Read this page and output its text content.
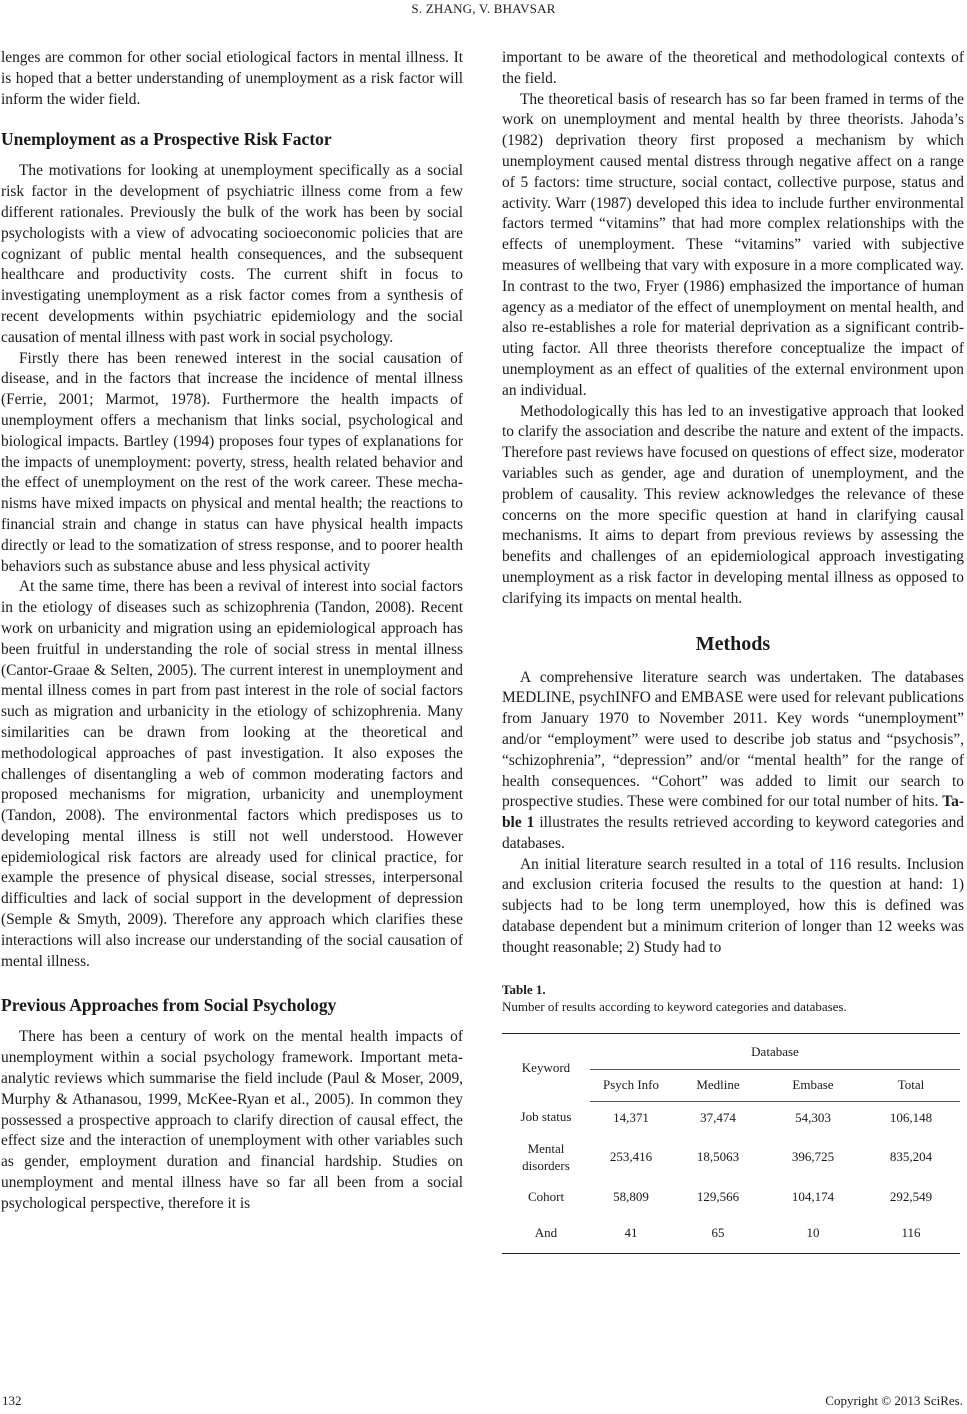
S. ZHANG, V. BHAVSAR

lenges are common for other social etiological factors in mental illness. It is hoped that a better understanding of unemployment as a risk factor will inform the wider field.

Unemployment as a Prospective Risk Factor

The motivations for looking at unemployment specifically as a social risk factor in the development of psychiatric illness come from a few different rationales. Previously the bulk of the work has been by social psychologists with a view of advocating socioeconomic policies that are cognizant of public mental health consequences, and the subsequent healthcare and productivity costs. The current shift in focus to investigating unemployment as a risk factor comes from a synthesis of recent developments within psychiatric epidemiology and the social causation of mental illness with past work in social psychology.

Firstly there has been renewed interest in the social causation of disease, and in the factors that increase the incidence of mental illness (Ferrie, 2001; Marmot, 1978). Furthermore the health impacts of unemployment offers a mechanism that links social, psychological and biological impacts. Bartley (1994) proposes four types of explanations for the impacts of unemployment: poverty, stress, health related behavior and the effect of unemployment on the rest of the work career. These mechanisms have mixed impacts on physical and mental health; the reactions to financial strain and change in status can have physical health impacts directly or lead to the somatization of stress response, and to poorer health behaviors such as substance abuse and less physical activity

At the same time, there has been a revival of interest into social factors in the etiology of diseases such as schizophrenia (Tandon, 2008). Recent work on urbanicity and migration using an epidemiological approach has been fruitful in understanding the role of social stress in mental illness (Cantor-Graae & Selten, 2005). The current interest in unemployment and mental illness comes in part from past interest in the role of social factors such as migration and urbanicity in the etiology of schizophrenia. Many similarities can be drawn from looking at the theoretical and methodological approaches of past investigation. It also exposes the challenges of disentangling a web of common moderating factors and proposed mechanisms for migration, urbanicity and unemployment (Tandon, 2008). The environmental factors which predisposes us to developing mental illness is still not well understood. However epidemiological risk factors are already used for clinical practice, for example the presence of physical disease, social stresses, interpersonal difficulties and lack of social support in the development of depression (Semple & Smyth, 2009). Therefore any approach which clarifies these interactions will also increase our understanding of the social causation of mental illness.

Previous Approaches from Social Psychology

There has been a century of work on the mental health impacts of unemployment within a social psychology framework. Important meta-analytic reviews which summarise the field include (Paul & Moser, 2009, Murphy & Athanasou, 1999, McKee-Ryan et al., 2005). In common they possessed a prospective approach to clarify direction of causal effect, the effect size and the interaction of unemployment with other variables such as gender, employment duration and financial hardship. Studies on unemployment and mental illness have so far all been from a social psychological perspective, therefore it is

important to be aware of the theoretical and methodological contexts of the field.

The theoretical basis of research has so far been framed in terms of the work on unemployment and mental health by three theorists. Jahoda’s (1982) deprivation theory first proposed a mechanism by which unemployment caused mental distress through negative affect on a range of 5 factors: time structure, social contact, collective purpose, status and activity. Warr (1987) developed this idea to include further environmental factors termed “vitamins” that had more complex relationships with the effects of unemployment. These “vitamins” varied with subjective measures of wellbeing that vary with exposure in a more complicated way. In contrast to the two, Fryer (1986) emphasized the importance of human agency as a mediator of the effect of unemployment on mental health, and also re-establishes a role for material deprivation as a significant contributing factor. All three theorists therefore conceptualize the impact of unemployment as an effect of qualities of the external environment upon an individual.

Methodologically this has led to an investigative approach that looked to clarify the association and describe the nature and extent of the impacts. Therefore past reviews have focused on questions of effect size, moderator variables such as gender, age and duration of unemployment, and the problem of causality. This review acknowledges the relevance of these concerns on the more specific question at hand in clarifying causal mechanisms. It aims to depart from previous reviews by assessing the benefits and challenges of an epidemiological approach investigating unemployment as a risk factor in developing mental illness as opposed to clarifying its impacts on mental health.

Methods

A comprehensive literature search was undertaken. The databases MEDLINE, psychINFO and EMBASE were used for relevant publications from January 1970 to November 2011. Key words “unemployment” and/or “employment” were used to describe job status and “psychosis”, “schizophrenia”, “depression” and/or “mental health” for the range of health consequences. “Cohort” was added to limit our search to prospective studies. These were combined for our total number of hits. Table 1 illustrates the results retrieved according to keyword categories and databases.

An initial literature search resulted in a total of 116 results. Inclusion and exclusion criteria focused the results to the question at hand: 1) subjects had to be long term unemployed, how this is defined was database dependent but a minimum criterion of longer than 12 weeks was thought reasonable; 2) Study had to

Table 1.
Number of results according to keyword categories and databases.
Keyword	Database			
	Psych Info	Medline	Embase	Total
Job status	14,371	37,474	54,303	106,148
Mental disorders	253,416	18,5063	396,725	835,204
Cohort	58,809	129,566	104,174	292,549
And	41	65	10	116
132	Copyright © 2013 SciRes.
